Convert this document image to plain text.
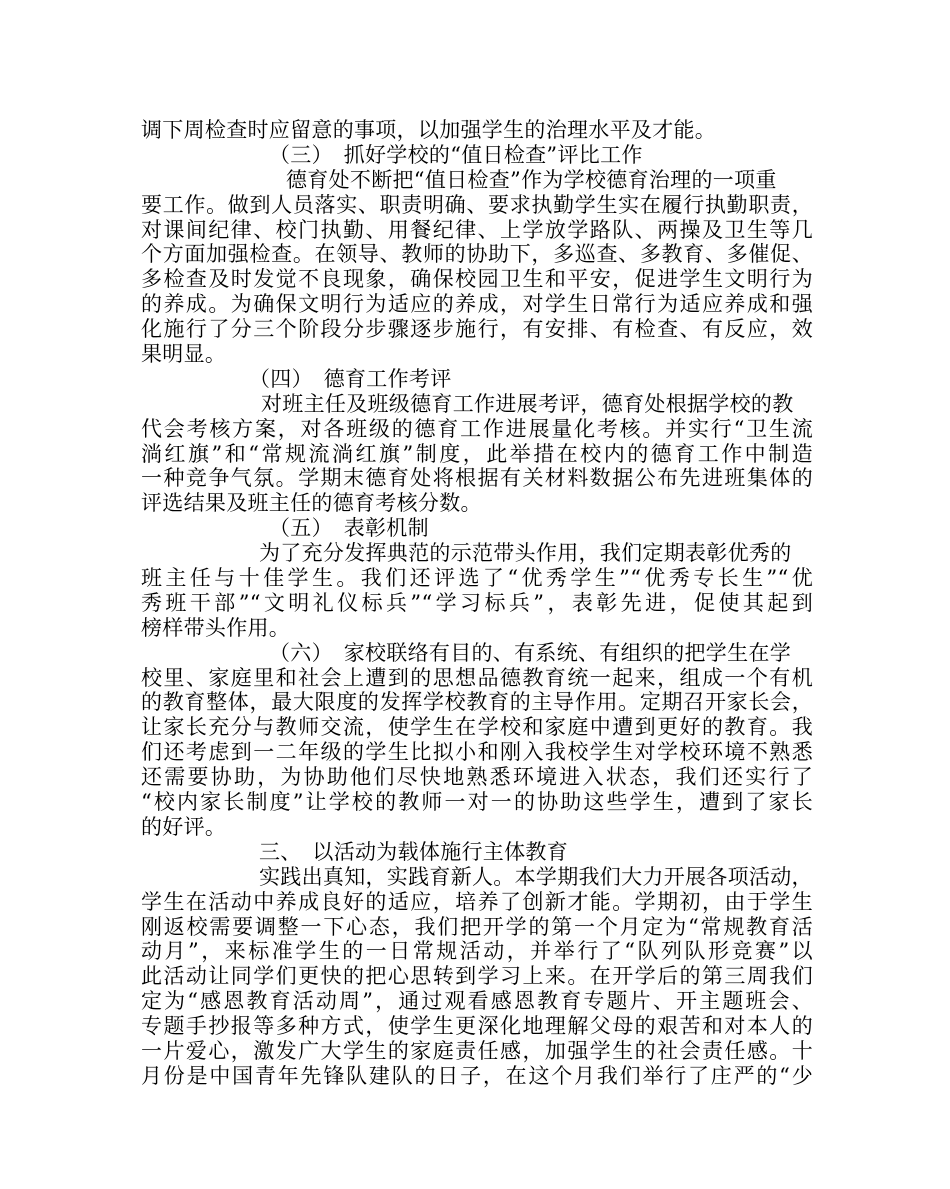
调下周检查时应留意的事项，以加强学生的治理水平及才能。
（三）　抓好学校的“值日检查”评比工作
德育处不断把“值日检查”作为学校德育治理的一项重
要工作。做到人员落实、职责明确、要求执勤学生实在履行执勤职责，
对课间纪律、校门执勤、用餐纪律、上学放学路队、两操及卫生等几
个方面加强检查。在领导、教师的协助下，多巡查、多教育、多催促、
多检查及时发觉不良现象，确保校园卫生和平安，促进学生文明行为
的养成。为确保文明行为适应的养成，对学生日常行为适应养成和强
化施行了分三个阶段分步骤逐步施行，有安排、有检查、有反应，效
果明显。
（四）　德育工作考评
对班主任及班级德育工作进展考评，德育处根据学校的教
代会考核方案，对各班级的德育工作进展量化考核。并实行“卫生流
淌红旗”和“常规流淌红旗”制度，此举措在校内的德育工作中制造
一种竞争气氛。学期末德育处将根据有关材料数据公布先进班集体的
评选结果及班主任的德育考核分数。
（五）　表彰机制
为了充分发挥典范的示范带头作用，我们定期表彰优秀的
班主任与十佳学生。我们还评选了“优秀学生”“优秀专长生”“优
秀班干部”“文明礼仪标兵”“学习标兵”，表彰先进，促使其起到
榜样带头作用。
（六）　家校联络有目的、有系统、有组织的把学生在学
校里、家庭里和社会上遭到的思想品德教育统一起来，组成一个有机
的教育整体，最大限度的发挥学校教育的主导作用。定期召开家长会，
让家长充分与教师交流，使学生在学校和家庭中遭到更好的教育。我
们还考虑到一二年级的学生比拟小和刚入我校学生对学校环境不熟悉
还需要协助，为协助他们尽快地熟悉环境进入状态，我们还实行了
“校内家长制度”让学校的教师一对一的协助这些学生，遭到了家长
的好评。
三、　以活动为载体施行主体教育
实践出真知，实践育新人。本学期我们大力开展各项活动，
学生在活动中养成良好的适应，培养了创新才能。学期初，由于学生
刚返校需要调整一下心态，我们把开学的第一个月定为“常规教育活
动月”，来标准学生的一日常规活动，并举行了“队列队形竞赛”以
此活动让同学们更快的把心思转到学习上来。在开学后的第三周我们
定为“感恩教育活动周”，通过观看感恩教育专题片、开主题班会、
专题手抄报等多种方式，使学生更深化地理解父母的艰苦和对本人的
一片爱心，激发广大学生的家庭责任感，加强学生的社会责任感。十
月份是中国青年先锋队建队的日子，在这个月我们举行了庄严的“少
